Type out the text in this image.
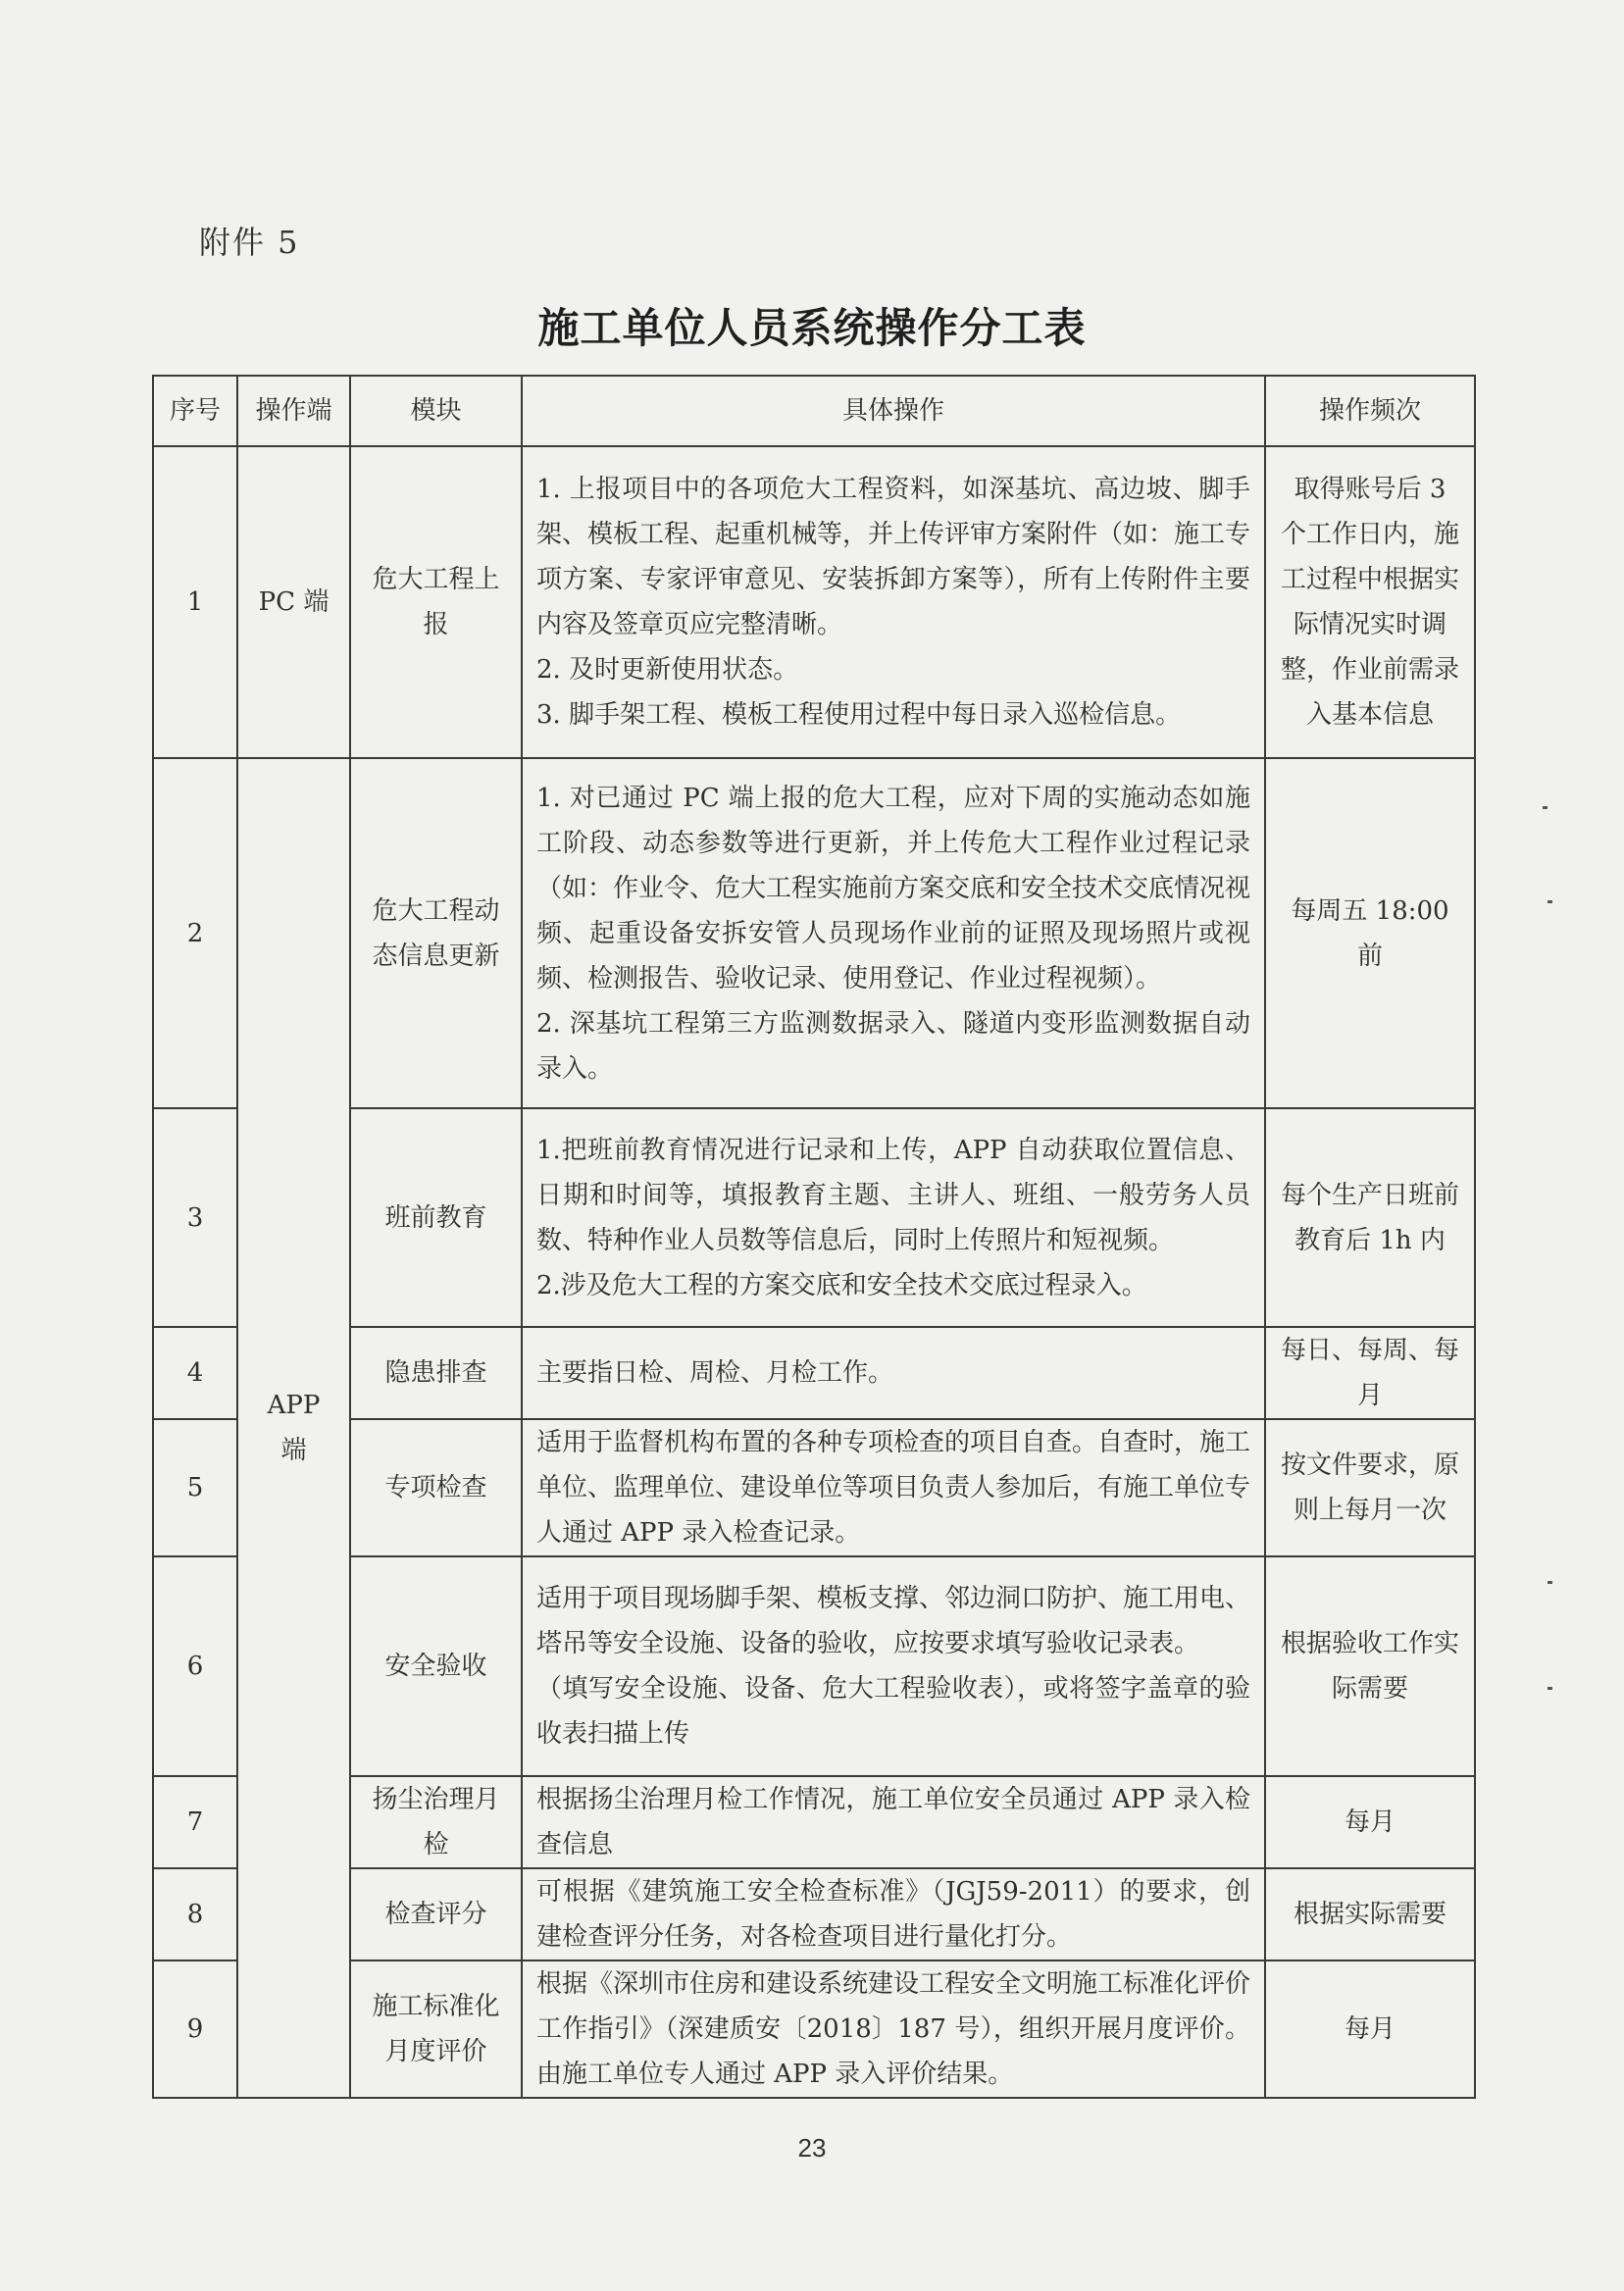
附件 5
施工单位人员系统操作分工表
序号	操作端	模块	具体操作	操作频次
1	PC 端	危大工程上报	1. 上报项目中的各项危大工程资料，如深基坑、高边坡、脚手架、模板工程、起重机械等，并上传评审方案附件（如：施工专项方案、专家评审意见、安装拆卸方案等），所有上传附件主要内容及签章页应完整清晰。
2. 及时更新使用状态。
3. 脚手架工程、模板工程使用过程中每日录入巡检信息。	取得账号后 3 个工作日内，施工过程中根据实际情况实时调整，作业前需录入基本信息
2	APP 端	危大工程动态信息更新	1. 对已通过 PC 端上报的危大工程，应对下周的实施动态如施工阶段、动态参数等进行更新，并上传危大工程作业过程记录（如：作业令、危大工程实施前方案交底和安全技术交底情况视频、起重设备安拆安管人员现场作业前的证照及现场照片或视频、检测报告、验收记录、使用登记、作业过程视频）。
2. 深基坑工程第三方监测数据录入、隧道内变形监测数据自动录入。	每周五 18:00 前
3		班前教育	1.把班前教育情况进行记录和上传，APP 自动获取位置信息、日期和时间等，填报教育主题、主讲人、班组、一般劳务人员数、特种作业人员数等信息后，同时上传照片和短视频。
2.涉及危大工程的方案交底和安全技术交底过程录入。	每个生产日班前教育后 1h 内
4		隐患排查	主要指日检、周检、月检工作。	每日、每周、每月
5		专项检查	适用于监督机构布置的各种专项检查的项目自查。自查时，施工单位、监理单位、建设单位等项目负责人参加后，有施工单位专人通过 APP 录入检查记录。	按文件要求，原则上每月一次
6		安全验收	适用于项目现场脚手架、模板支撑、邻边洞口防护、施工用电、塔吊等安全设施、设备的验收，应按要求填写验收记录表。
（填写安全设施、设备、危大工程验收表），或将签字盖章的验收表扫描上传	根据验收工作实际需要
7		扬尘治理月检	根据扬尘治理月检工作情况，施工单位安全员通过 APP 录入检查信息	每月
8		检查评分	可根据《建筑施工安全检查标准》（JGJ59-2011）的要求，创建检查评分任务，对各检查项目进行量化打分。	根据实际需要
9		施工标准化月度评价	根据《深圳市住房和建设系统建设工程安全文明施工标准化评价工作指引》（深建质安〔2018〕187 号），组织开展月度评价。由施工单位专人通过 APP 录入评价结果。	每月
23
